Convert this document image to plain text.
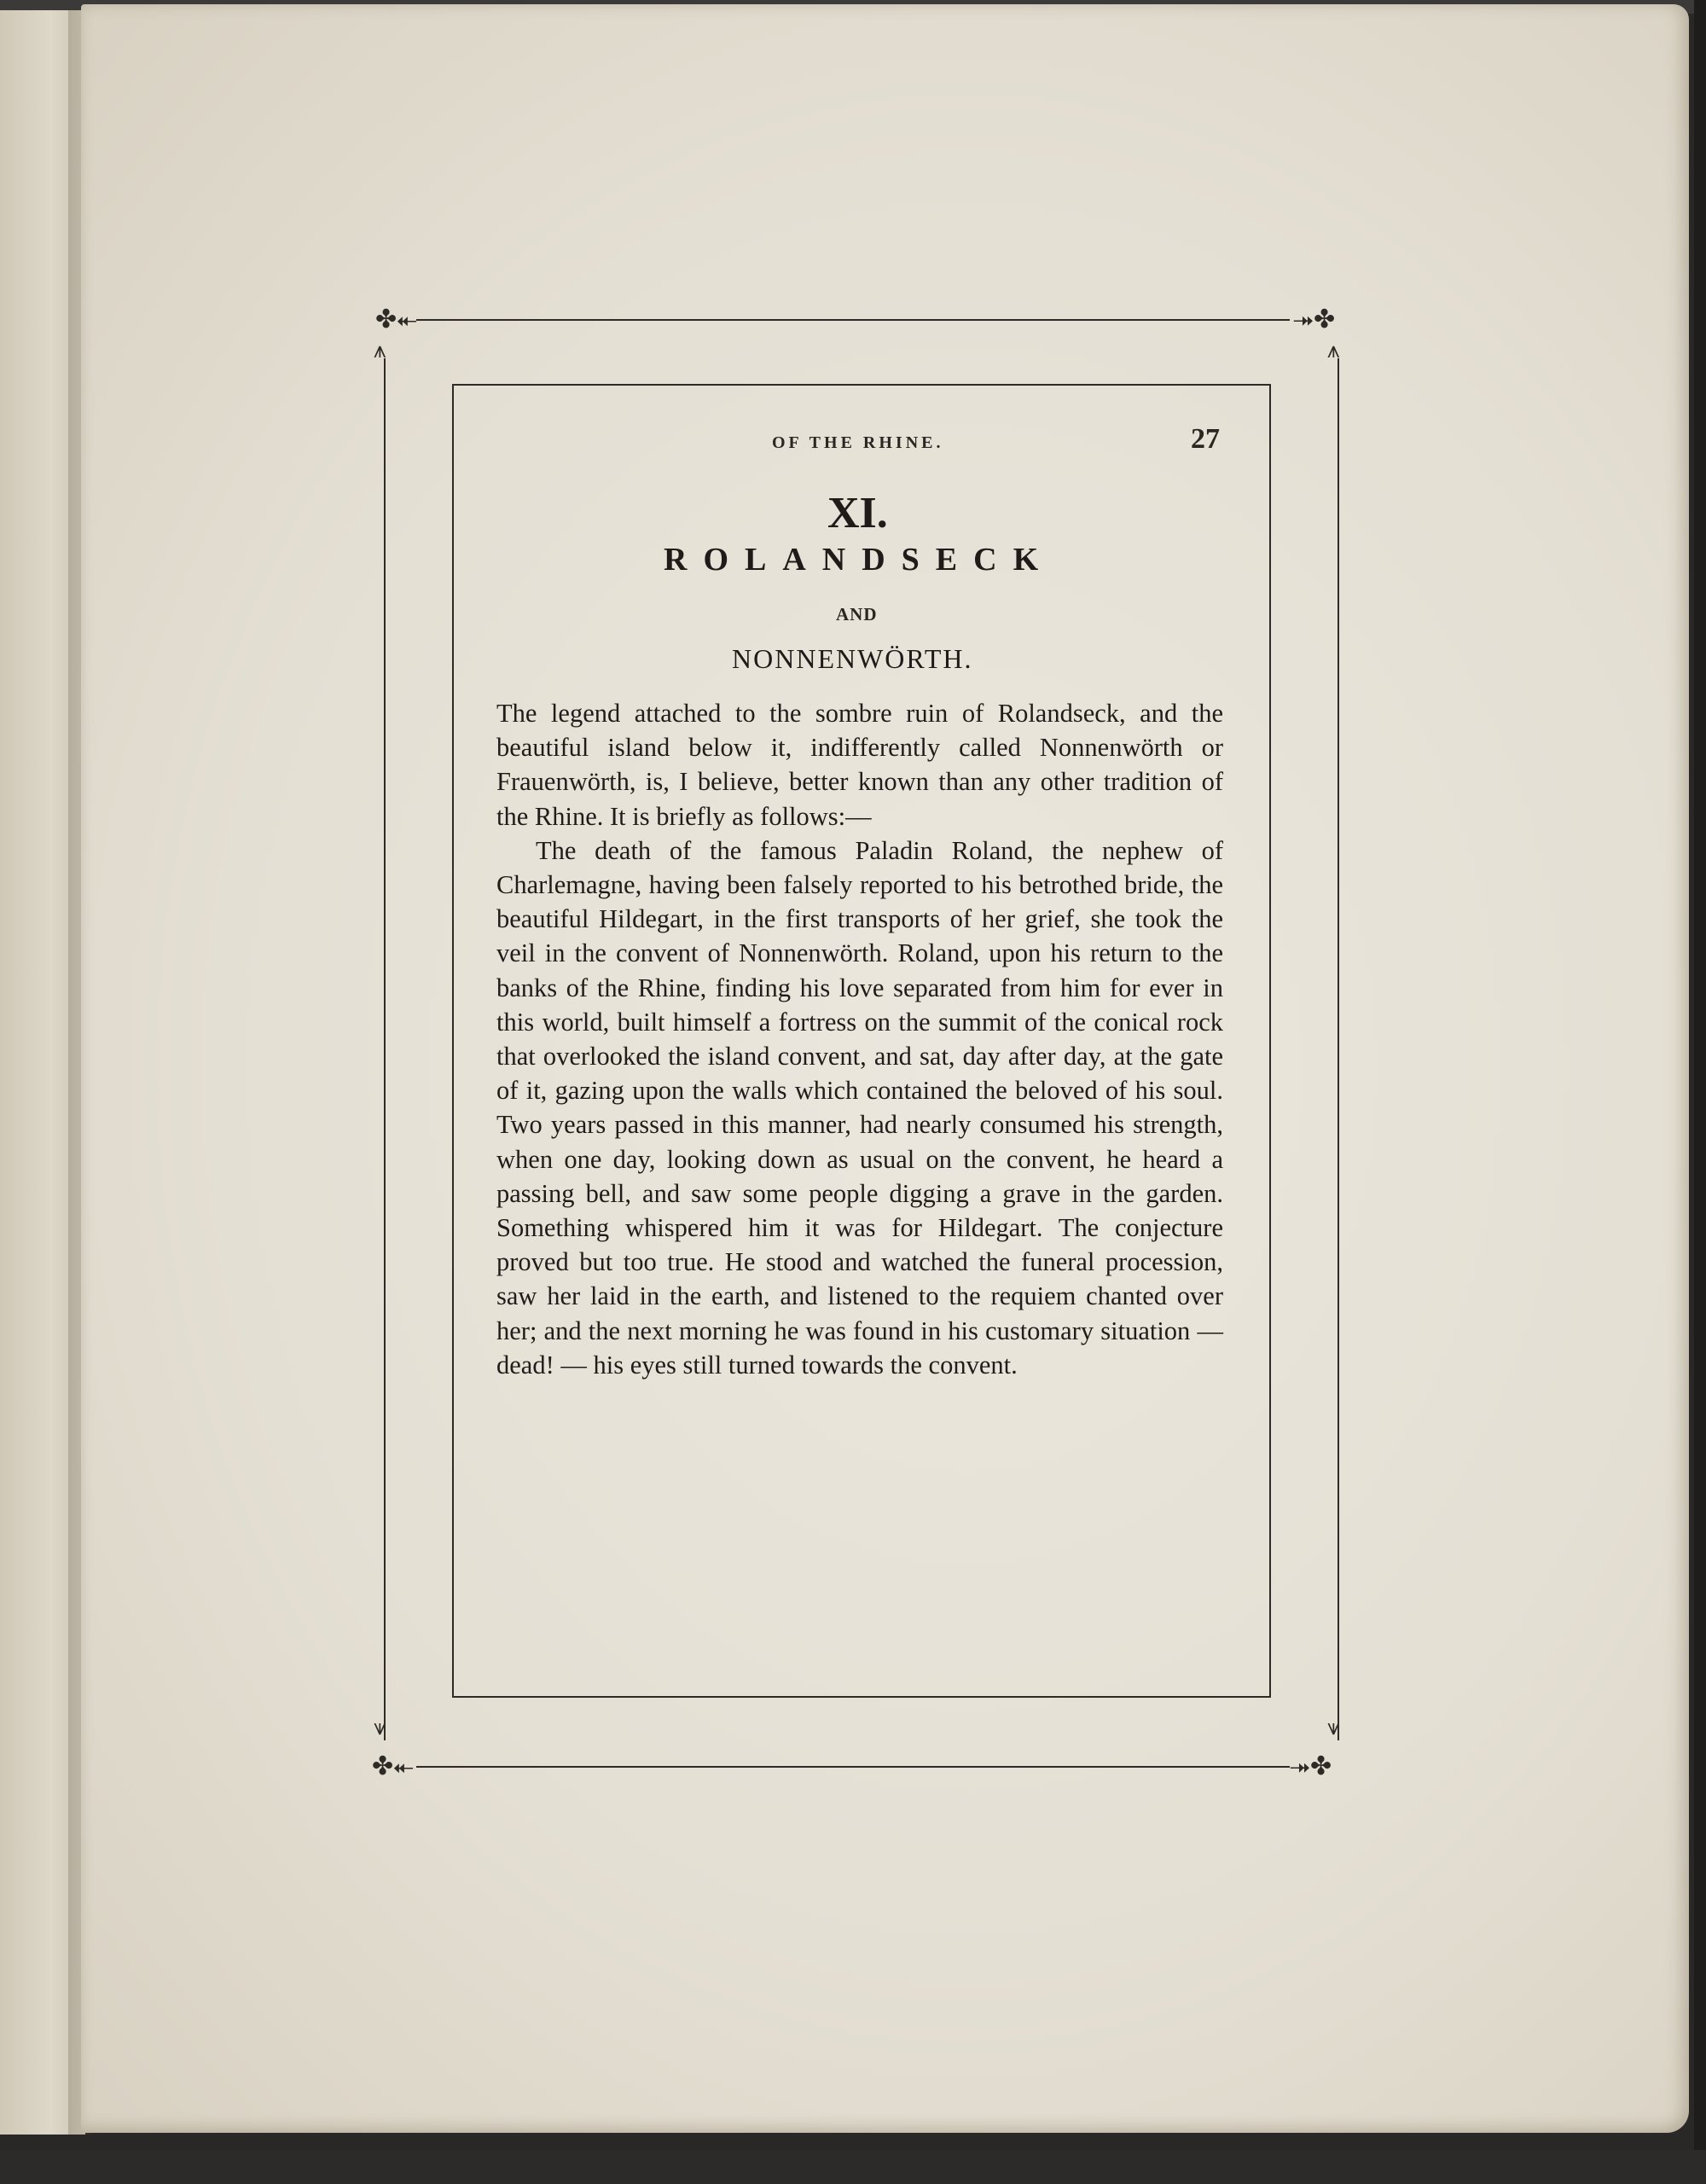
✤⯬	⯮✤
✤⯬	⯮✤
⩚	⩚
⩛	⩛
OF THE RHINE.	27
XI.
ROLANDSECK
AND
NONNENWÖRTH.

The legend attached to the sombre ruin of Rolandseck, and the beautiful island below it, indifferently called Nonnenwörth or Frauenwörth, is, I believe, better known than any other tradition of the Rhine. It is briefly as follows:—

The death of the famous Paladin Roland, the nephew of Charlemagne, having been falsely reported to his betrothed bride, the beautiful Hildegart, in the first transports of her grief, she took the veil in the convent of Nonnenwörth. Roland, upon his return to the banks of the Rhine, finding his love separated from him for ever in this world, built himself a fortress on the summit of the conical rock that overlooked the island convent, and sat, day after day, at the gate of it, gazing upon the walls which contained the beloved of his soul. Two years passed in this manner, had nearly consumed his strength, when one day, looking down as usual on the convent, he heard a passing bell, and saw some people digging a grave in the garden. Something whispered him it was for Hildegart. The conjecture proved but too true. He stood and watched the funeral procession, saw her laid in the earth, and listened to the requiem chanted over her; and the next morning he was found in his customary situation — dead! — his eyes still turned towards the convent.
